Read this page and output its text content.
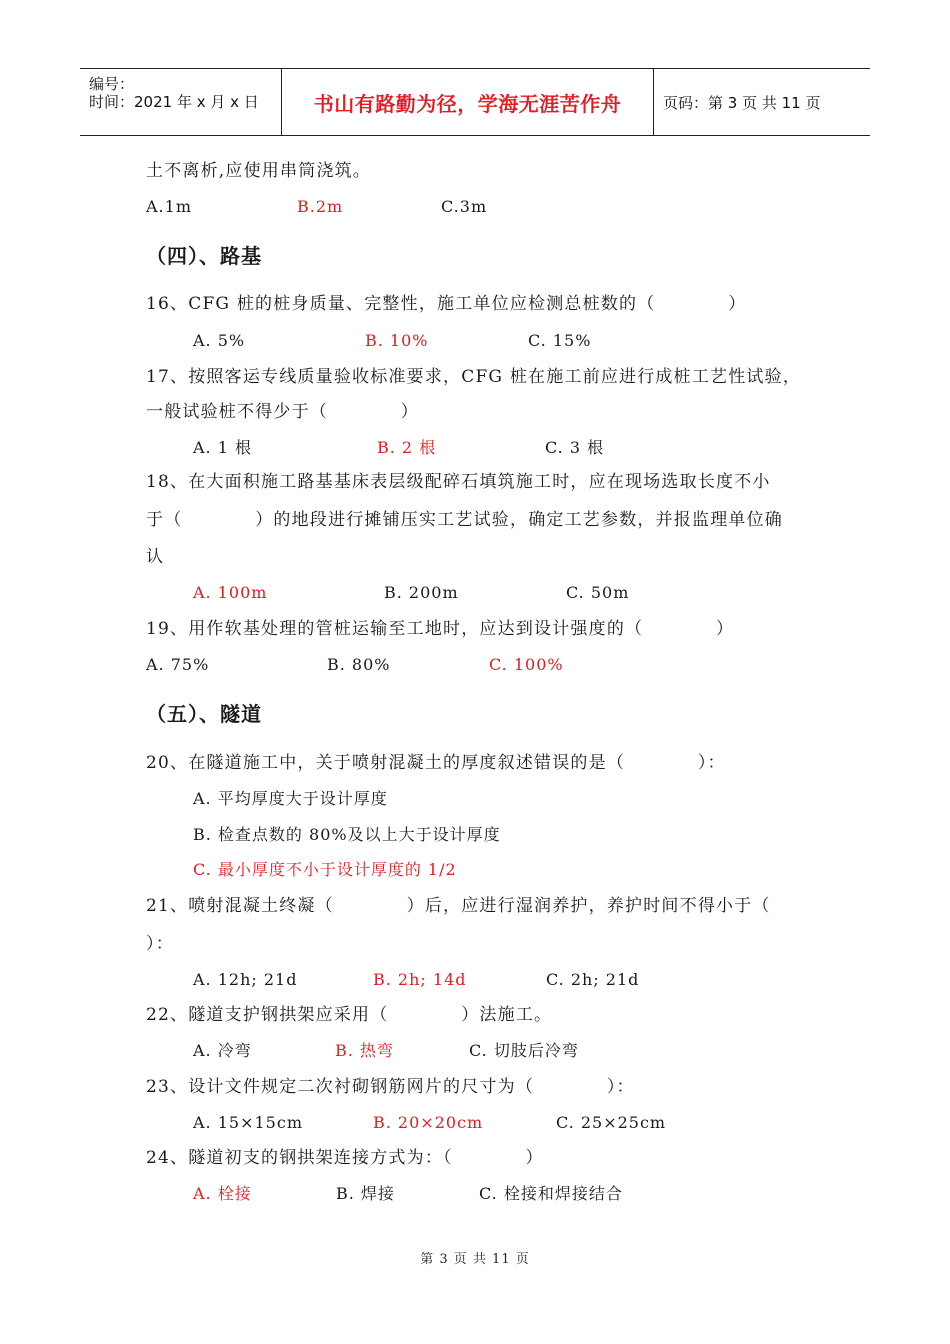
编号：
时间：2021 年 x 月 x 日	书山有路勤为径，学海无涯苦作舟	页码：第 3 页 共 11 页
土不离析,应使用串筒浇筑。
A.1m	B.2m	C.3m
（四）、路基
16、CFG 桩的桩身质量、完整性，施工单位应检测总桩数的（　　　　）
A. 5%	B. 10%	C. 15%
17、按照客运专线质量验收标准要求，CFG 桩在施工前应进行成桩工艺性试验，
一般试验桩不得少于（　　　　）
A. 1 根	B. 2 根	C. 3 根
18、在大面积施工路基基床表层级配碎石填筑施工时，应在现场选取长度不小
于（　　　　）的地段进行摊铺压实工艺试验，确定工艺参数，并报监理单位确
认
A. 100m	B. 200m	C. 50m
19、用作软基处理的管桩运输至工地时，应达到设计强度的（　　　　）
A. 75%	B. 80%	C. 100%
（五）、隧道
20、在隧道施工中，关于喷射混凝土的厚度叙述错误的是（　　　　）：
A. 平均厚度大于设计厚度
B. 检查点数的 80%及以上大于设计厚度
C. 最小厚度不小于设计厚度的 1/2
21、喷射混凝土终凝（　　　　）后，应进行湿润养护，养护时间不得小于（
）：
A. 12h; 21d	B. 2h; 14d	C. 2h; 21d
22、隧道支护钢拱架应采用（　　　　）法施工。
A. 冷弯	B. 热弯	C. 切肢后冷弯
23、设计文件规定二次衬砌钢筋网片的尺寸为（　　　　）：
A. 15×15cm	B. 20×20cm	C. 25×25cm
24、隧道初支的钢拱架连接方式为：（　　　　）
A. 栓接	B. 焊接	C. 栓接和焊接结合
第 3 页 共 11 页
